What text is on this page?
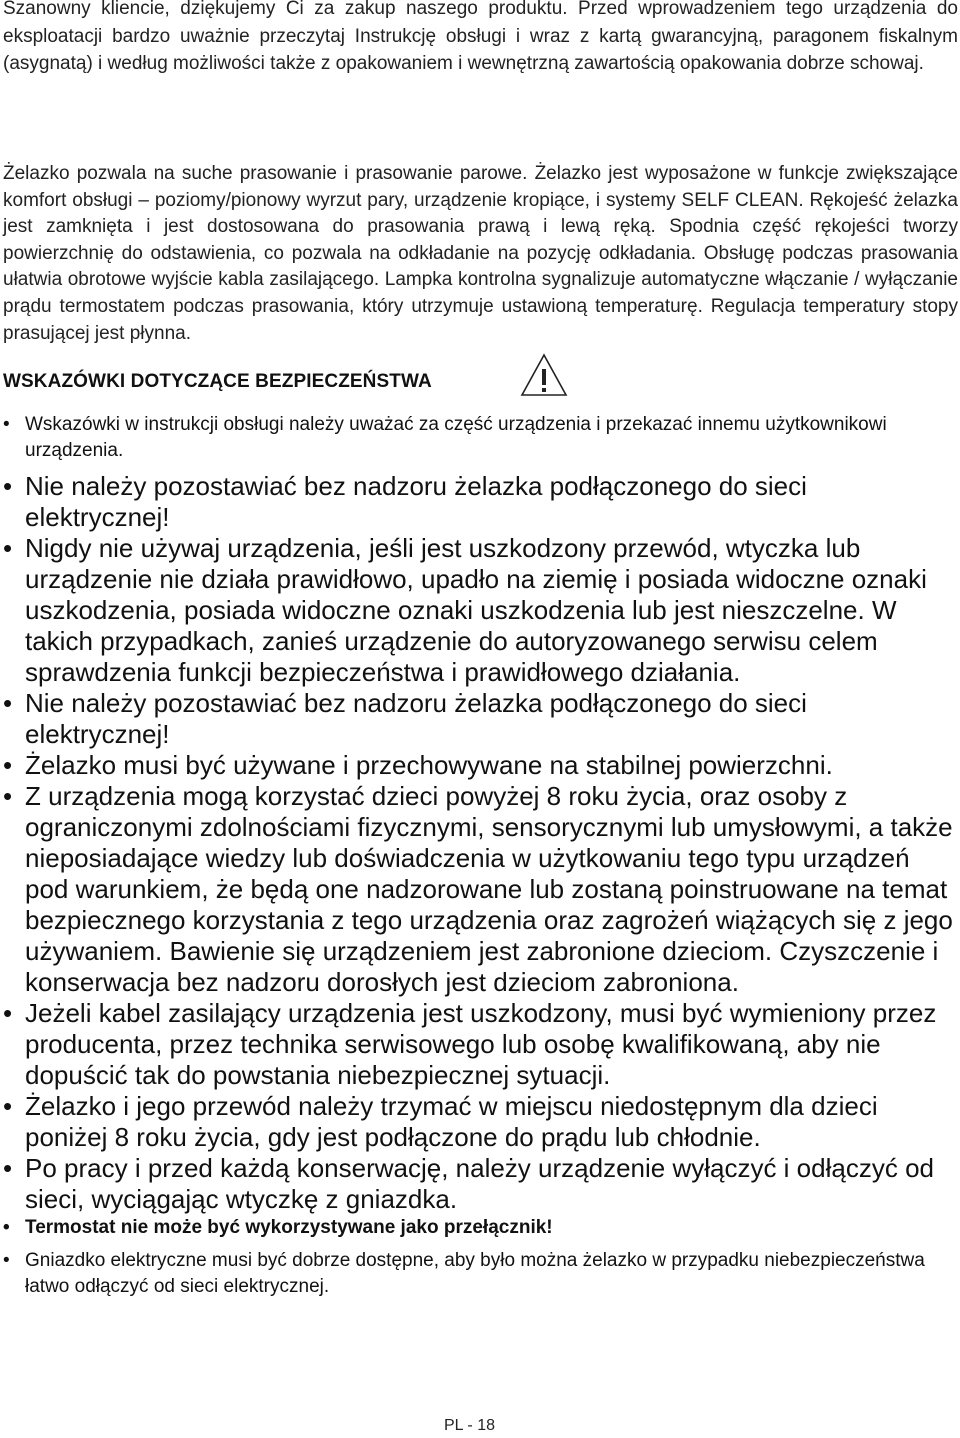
Szanowny kliencie, dziękujemy Ci za zakup naszego produktu. Przed wprowadzeniem tego urządzenia do eksploatacji bardzo uważnie przeczytaj Instrukcję obsługi i wraz z kartą gwarancyjną, paragonem fiskalnym (asygnatą) i według możliwości także z opakowaniem i wewnętrzną zawartością opakowania dobrze schowaj.

Żelazko pozwala na suche prasowanie i prasowanie parowe. Żelazko jest wyposażone w funkcje zwiększające komfort obsługi – poziomy/pionowy wyrzut pary, urządzenie kropiące, i systemy SELF CLEAN. Rękojeść żelazka jest zamknięta i jest dostosowana do prasowania prawą i lewą ręką. Spodnia część rękojeści tworzy powierzchnię do odstawienia, co pozwala na odkładanie na pozycję odkładania. Obsługę podczas prasowania ułatwia obrotowe wyjście kabla zasilającego. Lampka kontrolna sygnalizuje automatyczne włączanie / wyłączanie prądu termostatem podczas prasowania, który utrzymuje ustawioną temperaturę. Regulacja temperatury stopy prasującej jest płynna.

WSKAZÓWKI DOTYCZĄCE BEZPIECZEŃSTWA
• Wskazówki w instrukcji obsługi należy uważać za część urządzenia i przekazać innemu użytkownikowi urządzenia.
• Nie należy pozostawiać bez nadzoru żelazka podłączonego do sieci elektrycznej!
• Nigdy nie używaj urządzenia, jeśli jest uszkodzony przewód, wtyczka lub urządzenie nie działa prawidłowo, upadło na ziemię i posiada widoczne oznaki uszkodzenia, posiada widoczne oznaki uszkodzenia lub jest nieszczelne. W takich przypadkach, zanieś urządzenie do autoryzowanego serwisu celem sprawdzenia funkcji bezpieczeństwa i prawidłowego działania.
• Nie należy pozostawiać bez nadzoru żelazka podłączonego do sieci elektrycznej!
• Żelazko musi być używane i przechowywane na stabilnej powierzchni.
• Z urządzenia mogą korzystać dzieci powyżej 8 roku życia, oraz osoby z ograniczonymi zdolnościami fizycznymi, sensorycznymi lub umysłowymi, a także nieposiadające wiedzy lub doświadczenia w użytkowaniu tego typu urządzeń pod warunkiem, że będą one nadzorowane lub zostaną poinstruowane na temat bezpiecznego korzystania z tego urządzenia oraz zagrożeń wiążących się z jego używaniem. Bawienie się urządzeniem jest zabronione dzieciom. Czyszczenie i konserwacja bez nadzoru dorosłych jest dzieciom zabroniona.
• Jeżeli kabel zasilający urządzenia jest uszkodzony, musi być wymieniony przez producenta, przez technika serwisowego lub osobę kwalifikowaną, aby nie dopuścić tak do powstania niebezpiecznej sytuacji.
• Żelazko i jego przewód należy trzymać w miejscu niedostępnym dla dzieci poniżej 8 roku życia, gdy jest podłączone do prądu lub chłodnie.
• Po pracy i przed każdą konserwację, należy urządzenie wyłączyć i odłączyć od sieci, wyciągając wtyczkę z gniazdka.
• Termostat nie może być wykorzystywane jako przełącznik!
• Gniazdko elektryczne musi być dobrze dostępne, aby było można żelazko w przypadku niebezpieczeństwa łatwo odłączyć od sieci elektrycznej.
PL - 18
